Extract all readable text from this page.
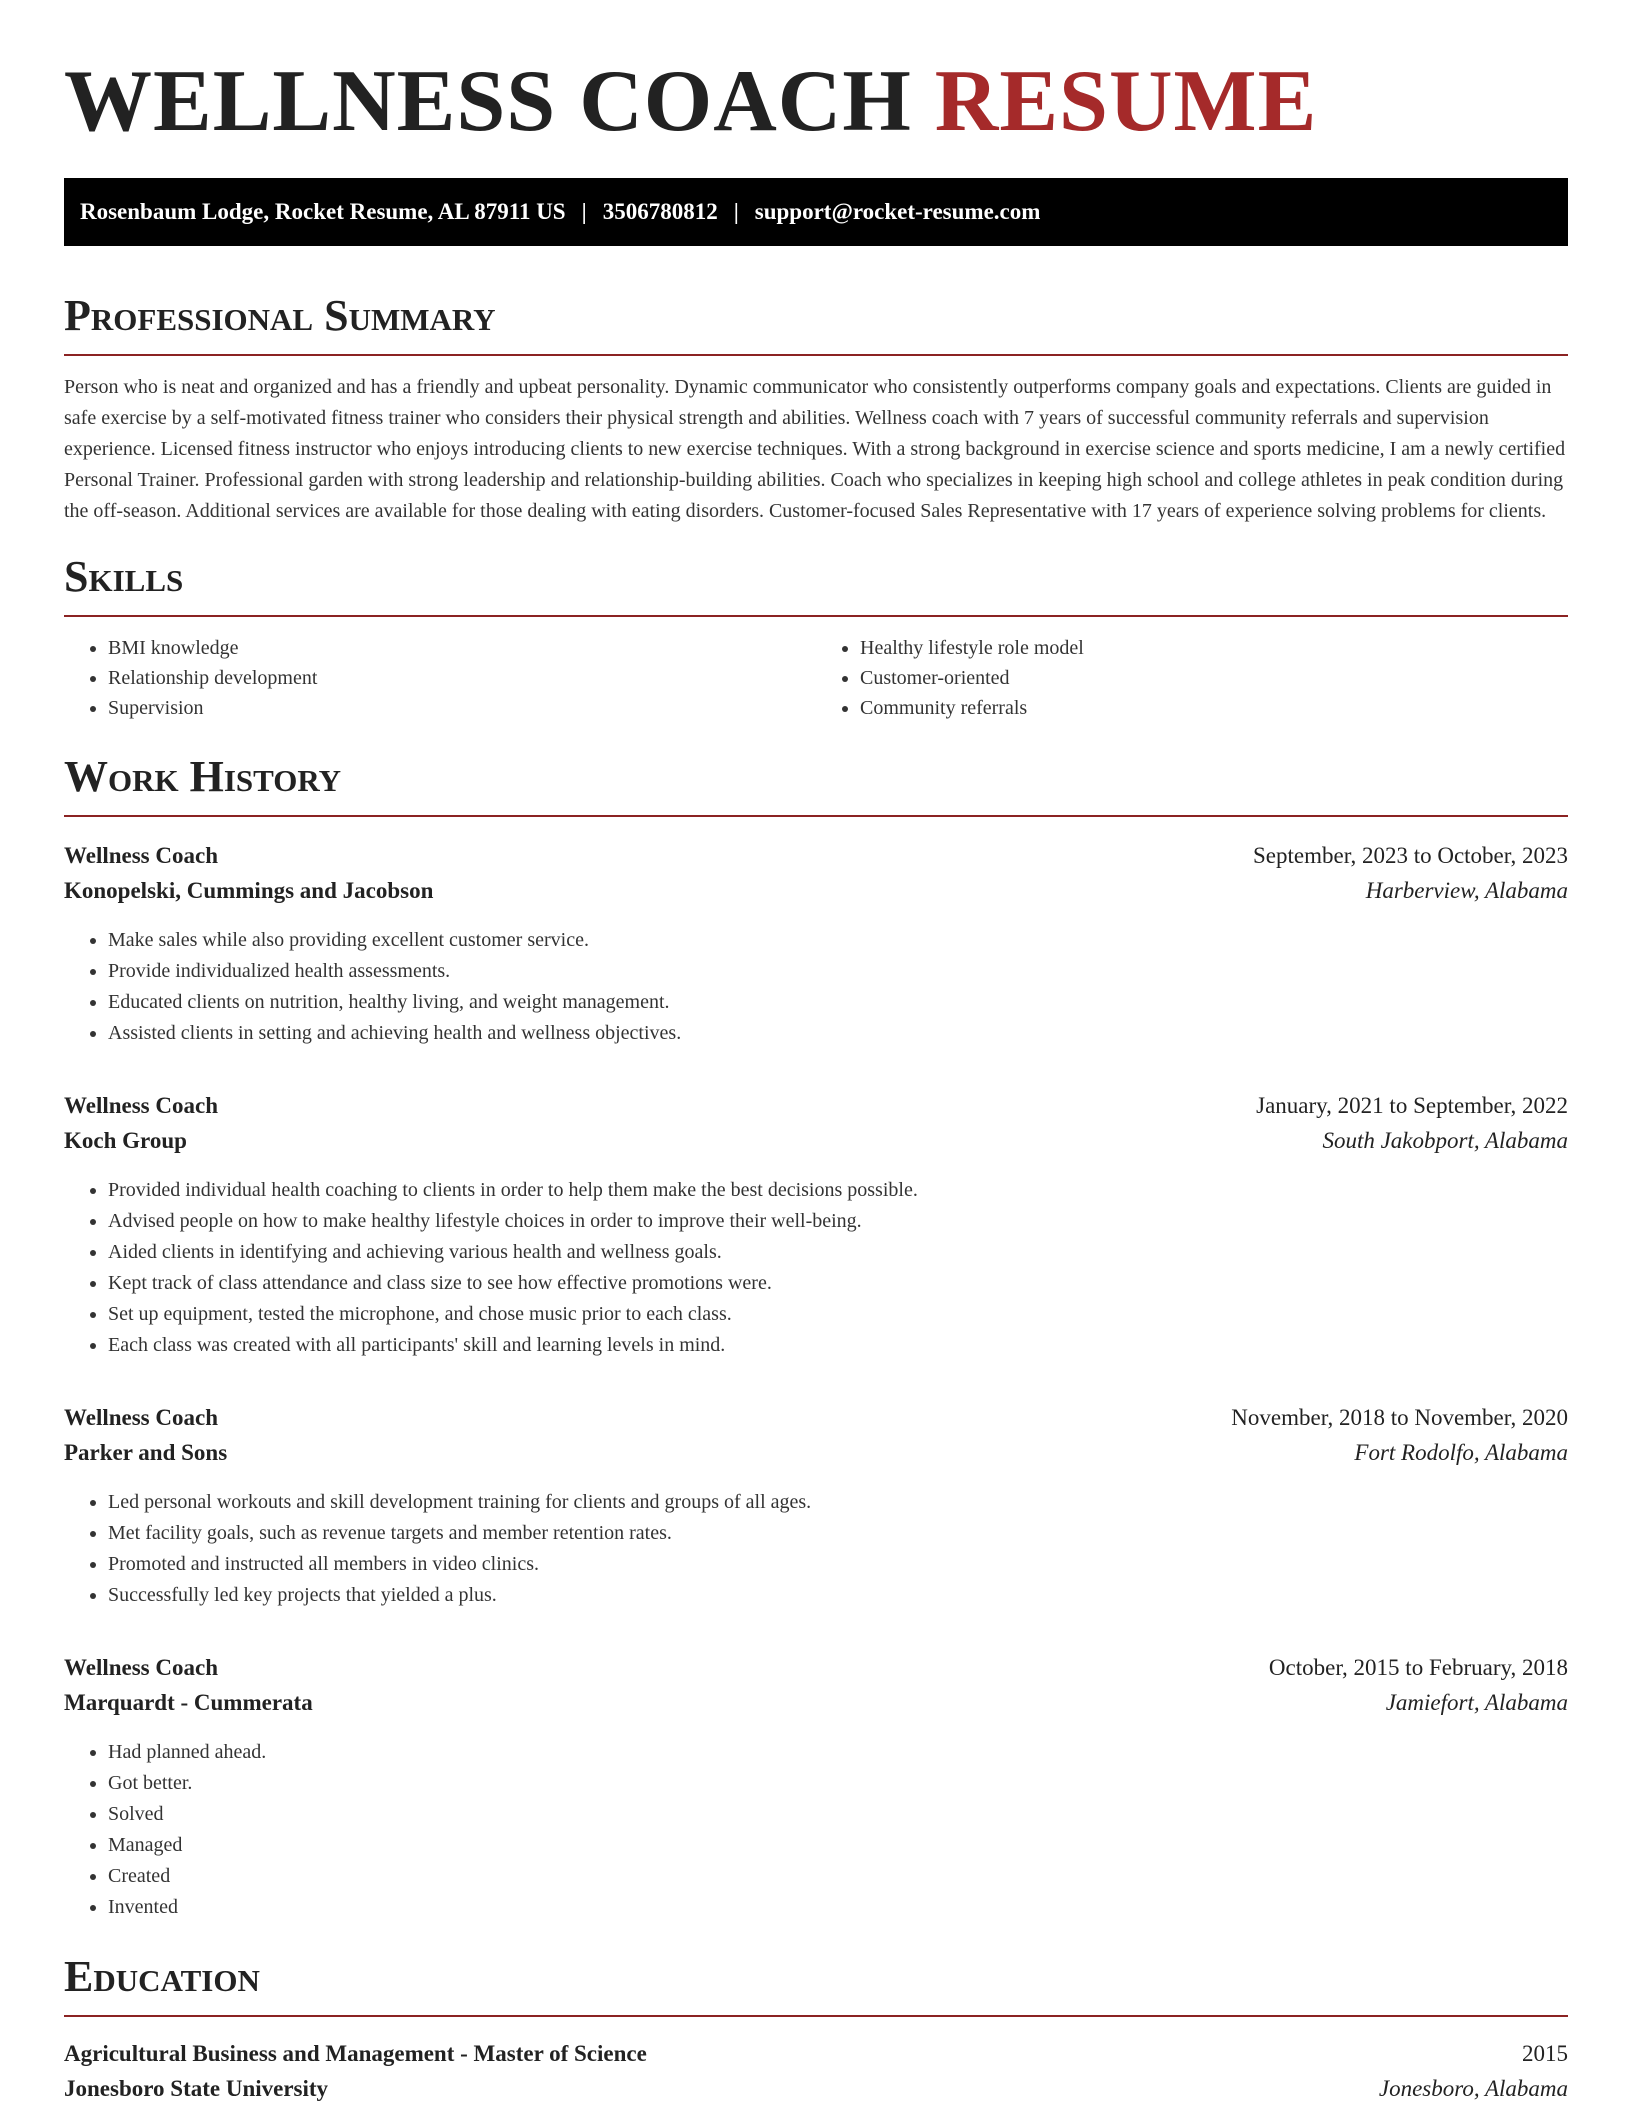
WELLNESS COACH RESUME
Rosenbaum Lodge, Rocket Resume, AL 87911 US | 3506780812 | support@rocket-resume.com
Professional Summary

Person who is neat and organized and has a friendly and upbeat personality. Dynamic communicator who consistently outperforms company goals and expectations. Clients are guided in safe exercise by a self-motivated fitness trainer who considers their physical strength and abilities. Wellness coach with 7 years of successful community referrals and supervision experience. Licensed fitness instructor who enjoys introducing clients to new exercise techniques. With a strong background in exercise science and sports medicine, I am a newly certified Personal Trainer. Professional garden with strong leadership and relationship-building abilities. Coach who specializes in keeping high school and college athletes in peak condition during the off-season. Additional services are available for those dealing with eating disorders. Customer-focused Sales Representative with 17 years of experience solving problems for clients.

Skills
• BMI knowledge
• Relationship development
• Supervision
• Healthy lifestyle role model
• Customer-oriented
• Community referrals
Work History
Wellness Coach	September, 2023 to October, 2023
Konopelski, Cummings and Jacobson	Harberview, Alabama
• Make sales while also providing excellent customer service.
• Provide individualized health assessments.
• Educated clients on nutrition, healthy living, and weight management.
• Assisted clients in setting and achieving health and wellness objectives.
Wellness Coach	January, 2021 to September, 2022
Koch Group	South Jakobport, Alabama
• Provided individual health coaching to clients in order to help them make the best decisions possible.
• Advised people on how to make healthy lifestyle choices in order to improve their well-being.
• Aided clients in identifying and achieving various health and wellness goals.
• Kept track of class attendance and class size to see how effective promotions were.
• Set up equipment, tested the microphone, and chose music prior to each class.
• Each class was created with all participants' skill and learning levels in mind.
Wellness Coach	November, 2018 to November, 2020
Parker and Sons	Fort Rodolfo, Alabama
• Led personal workouts and skill development training for clients and groups of all ages.
• Met facility goals, such as revenue targets and member retention rates.
• Promoted and instructed all members in video clinics.
• Successfully led key projects that yielded a plus.
Wellness Coach	October, 2015 to February, 2018
Marquardt - Cummerata	Jamiefort, Alabama
• Had planned ahead.
• Got better.
• Solved
• Managed
• Created
• Invented
Education
Agricultural Business and Management - Master of Science	2015
Jonesboro State University	Jonesboro, Alabama
